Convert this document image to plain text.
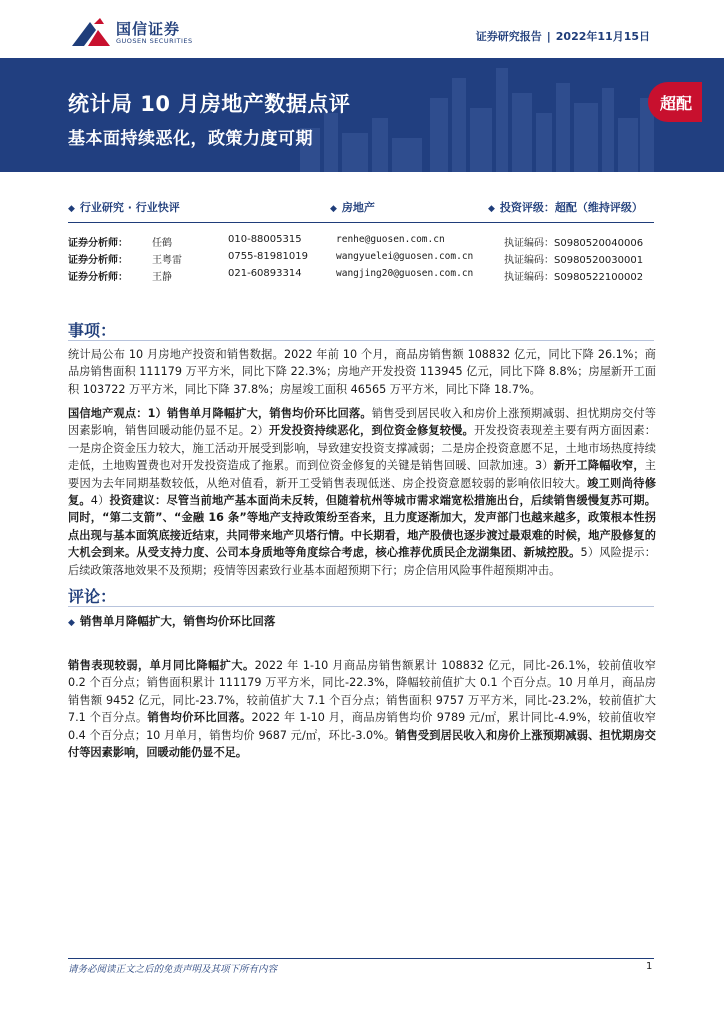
国信证券
GUOSEN SECURITIES	证券研究报告 | 2022年11月15日
统计局 10 月房地产数据点评
基本面持续恶化，政策力度可期
超配
◆ 行业研究 · 行业快评	◆ 房地产	◆ 投资评级：超配（维持评级）
证券分析师： 任鹤	010-88005315	renhe@guosen.com.cn	执证编码：S0980520040006
证券分析师： 王粤雷	0755-81981019	wangyuelei@guosen.com.cn	执证编码：S0980520030001
证券分析师： 王静	021-60893314	wangjing20@guosen.com.cn	执证编码：S0980522100002
事项：
统计局公布 10 月房地产投资和销售数据。2022 年前 10 个月，商品房销售额 108832 亿元，同比下降 26.1%；商品房销售面积 111179 万平方米，同比下降 22.3%；房地产开发投资 113945 亿元，同比下降 8.8%；房屋新开工面积 103722 万平方米，同比下降 37.8%；房屋竣工面积 46565 万平方米，同比下降 18.7%。
国信地产观点：1）销售单月降幅扩大，销售均价环比回落。销售受到居民收入和房价上涨预期减弱、担忧期房交付等因素影响，销售回暖动能仍显不足。2）开发投资持续恶化，到位资金修复较慢。开发投资表现差主要有两方面因素：一是房企资金压力较大，施工活动开展受到影响，导致建安投资支撑减弱；二是房企投资意愿不足，土地市场热度持续走低，土地购置费也对开发投资造成了拖累。而到位资金修复的关键是销售回暖、回款加速。3）新开工降幅收窄，主要因为去年同期基数较低，从绝对值看，新开工受销售表现低迷、房企投资意愿较弱的影响依旧较大。竣工则尚待修复。4）投资建议：尽管当前地产基本面尚未反转，但随着杭州等城市需求端宽松措施出台，后续销售缓慢复苏可期。同时，“第二支箭”、“金融 16 条”等地产支持政策纷至沓来，且力度逐渐加大，发声部门也越来越多，政策根本性拐点出现与基本面筑底接近结束，共同带来地产贝塔行情。中长期看，地产股债也逐步渡过最艰难的时候，地产股修复的大机会到来。从受支持力度、公司本身质地等角度综合考虑，核心推荐优质民企龙湖集团、新城控股。5）风险提示：后续政策落地效果不及预期；疫情等因素致行业基本面超预期下行；房企信用风险事件超预期冲击。
评论：
◆ 销售单月降幅扩大，销售均价环比回落
销售表现较弱，单月同比降幅扩大。2022 年 1-10 月商品房销售额累计 108832 亿元，同比-26.1%，较前值收窄 0.2 个百分点；销售面积累计 111179 万平方米，同比-22.3%，降幅较前值扩大 0.1 个百分点。10 月单月，商品房销售额 9452 亿元，同比-23.7%，较前值扩大 7.1 个百分点；销售面积 9757 万平方米，同比-23.2%，较前值扩大 7.1 个百分点。销售均价环比回落。2022 年 1-10 月，商品房销售均价 9789 元/㎡，累计同比-4.9%，较前值收窄 0.4 个百分点；10 月单月，销售均价 9687 元/㎡，环比-3.0%。销售受到居民收入和房价上涨预期减弱、担忧期房交付等因素影响，回暖动能仍显不足。
请务必阅读正文之后的免责声明及其项下所有内容	1
